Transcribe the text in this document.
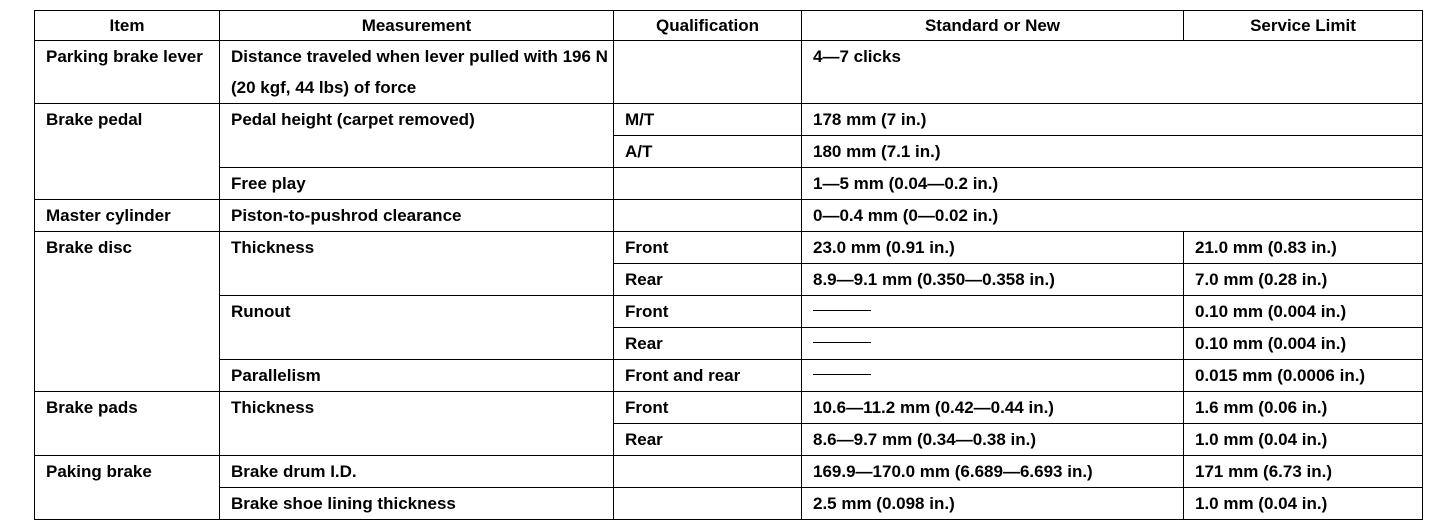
Item	Measurement	Qualification	Standard or New	Service Limit
Parking brake lever	Distance traveled when lever pulled with 196 N (20 kgf, 44 lbs) of force		4—7 clicks	
Brake pedal	Pedal height (carpet removed)	M/T	178 mm (7 in.)	
		A/T	180 mm (7.1 in.)	
	Free play		1—5 mm (0.04—0.2 in.)	
Master cylinder	Piston-to-pushrod clearance		0—0.4 mm (0—0.02 in.)	
Brake disc	Thickness	Front	23.0 mm (0.91 in.)	21.0 mm (0.83 in.)
		Rear	8.9—9.1 mm (0.350—0.358 in.)	7.0 mm (0.28 in.)
	Runout	Front		0.10 mm (0.004 in.)
		Rear		0.10 mm (0.004 in.)
	Parallelism	Front and rear		0.015 mm (0.0006 in.)
Brake pads	Thickness	Front	10.6—11.2 mm (0.42—0.44 in.)	1.6 mm (0.06 in.)
		Rear	8.6—9.7 mm (0.34—0.38 in.)	1.0 mm (0.04 in.)
Paking brake	Brake drum I.D.		169.9—170.0 mm (6.689—6.693 in.)	171 mm (6.73 in.)
	Brake shoe lining thickness		2.5 mm (0.098 in.)	1.0 mm (0.04 in.)
